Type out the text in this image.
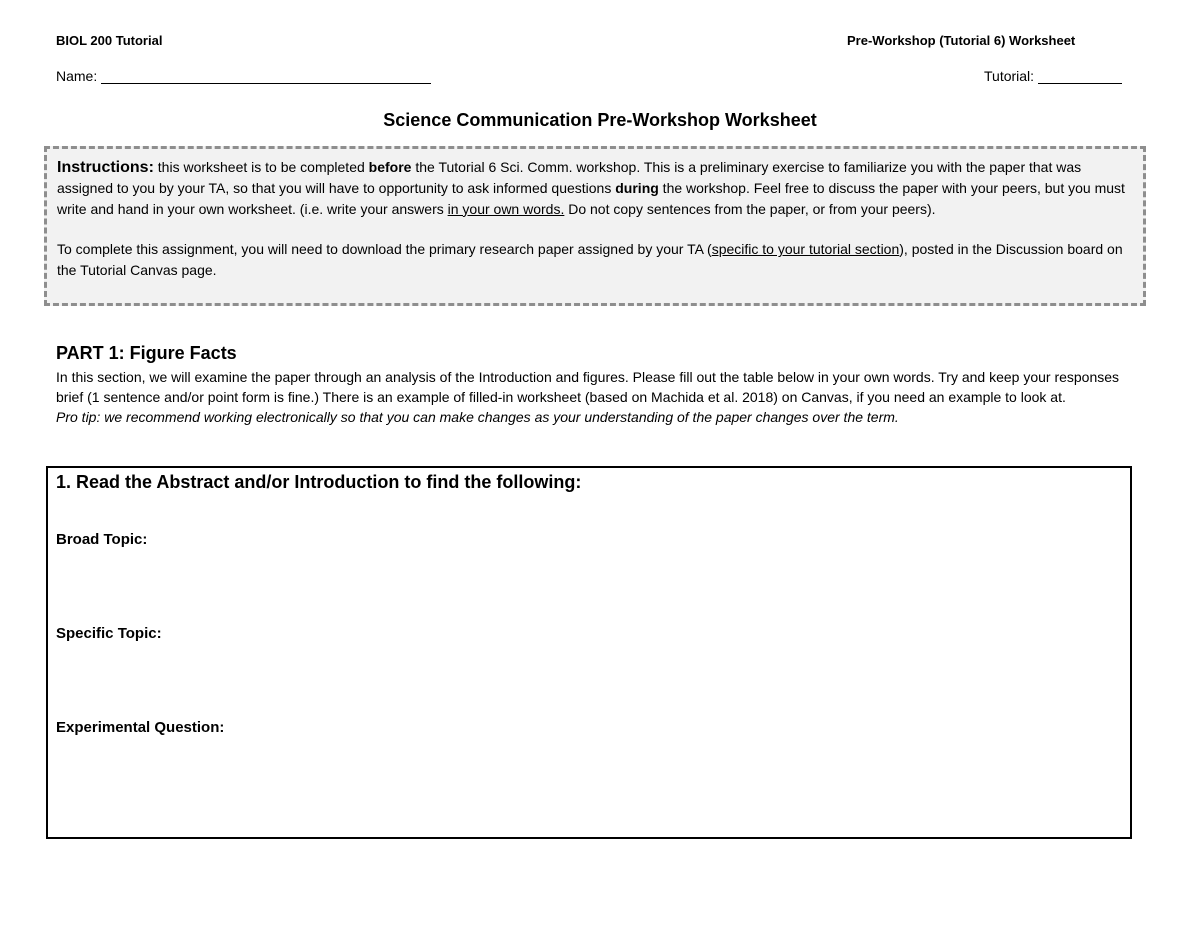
BIOL 200 Tutorial	Pre-Workshop (Tutorial 6) Worksheet
Name:	Tutorial:
Science Communication Pre-Workshop Worksheet

Instructions: this worksheet is to be completed before the Tutorial 6 Sci. Comm. workshop. This is a preliminary exercise to familiarize you with the paper that was assigned to you by your TA, so that you will have to opportunity to ask informed questions during the workshop. Feel free to discuss the paper with your peers, but you must write and hand in your own worksheet. (i.e. write your answers in your own words. Do not copy sentences from the paper, or from your peers).

To complete this assignment, you will need to download the primary research paper assigned by your TA (specific to your tutorial section), posted in the Discussion board on the Tutorial Canvas page.

PART 1: Figure Facts

In this section, we will examine the paper through an analysis of the Introduction and figures. Please fill out the table below in your own words. Try and keep your responses brief (1 sentence and/or point form is fine.) There is an example of filled-in worksheet (based on Machida et al. 2018) on Canvas, if you need an example to look at.

Pro tip: we recommend working electronically so that you can make changes as your understanding of the paper changes over the term.

1. Read the Abstract and/or Introduction to find the following:
Broad Topic:
Specific Topic:
Experimental Question:
